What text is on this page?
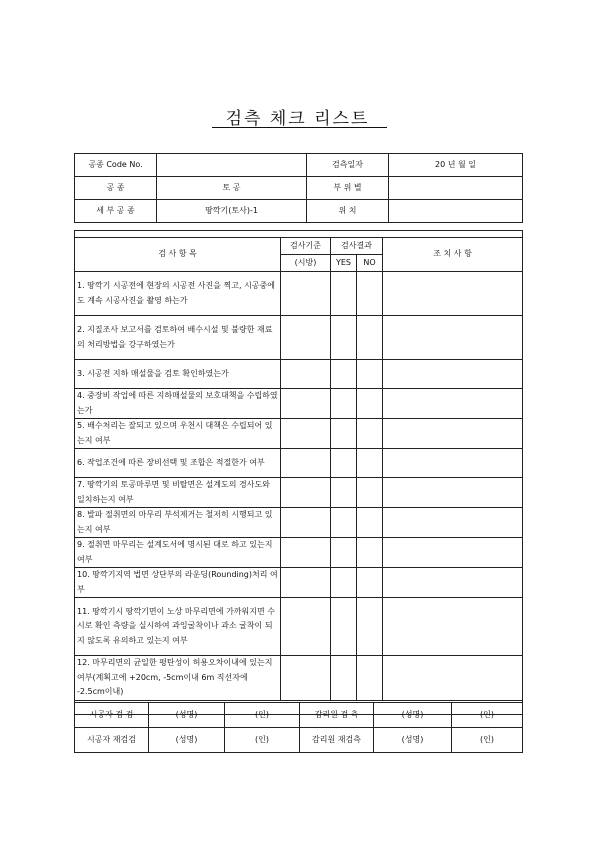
검측 체크 리스트
공종 Code No.		검측일자	20 년 월 일
공 종	토 공	부 위 별	
세 부 공 종	땅깍기(토사)-1	위 치	

검 사 항 목	검사기준	검사결과		조 치 사 항
	(시방)	YES	NO	
1. 땅깍기 시공전에 현장의 시공전 사진을 찍고, 시공중에도 계속 시공사진을 촬영 하는가				
2. 지질조사 보고서를 검토하여 배수시설 및 불량한 재료의 처리방법을 강구하였는가				
3. 시공전 지하 매설물을 검토 확인하였는가				
4. 중장비 작업에 따른 지하매설물의 보호대책을 수립하였는가				
5. 배수처리는 잘되고 있으며 우천시 대책은 수립되어 있는지 여부				
6. 작업조건에 따른 장비선택 및 조합은 적절한가 여부				
7. 땅깍기의 토공마루면 및 비탈면은 설계도의 경사도와 일치하는지 여부				
8. 발파 절취면의 마무리 부석제거는 철저히 시행되고 있는지 여부				
9. 절취면 마무리는 설계도서에 명시된 대로 하고 있는지 여부				
10. 땅깍기지역 법면 상단부의 라운딩(Rounding)처리 여부				
11. 땅깍기시 땅깍기면이 노상 마무리면에 가까워지면 수시로 확인 측량을 실시하여 과잉굴착이나 과소 굴착이 되지 않도록 유의하고 있는지 여부				
12. 마무리면의 균일한 평탄성이 허용오차이내에 있는지 여부(계획고에 +20cm, -5cm이내 6m 직선자에 -2.5cm이내)				

시공자 검 검	(성명)	(인)	감리원 검 측	(성명)	(인)
시공자 재검검	(성명)	(인)	감리원 재검측	(성명)	(인)
